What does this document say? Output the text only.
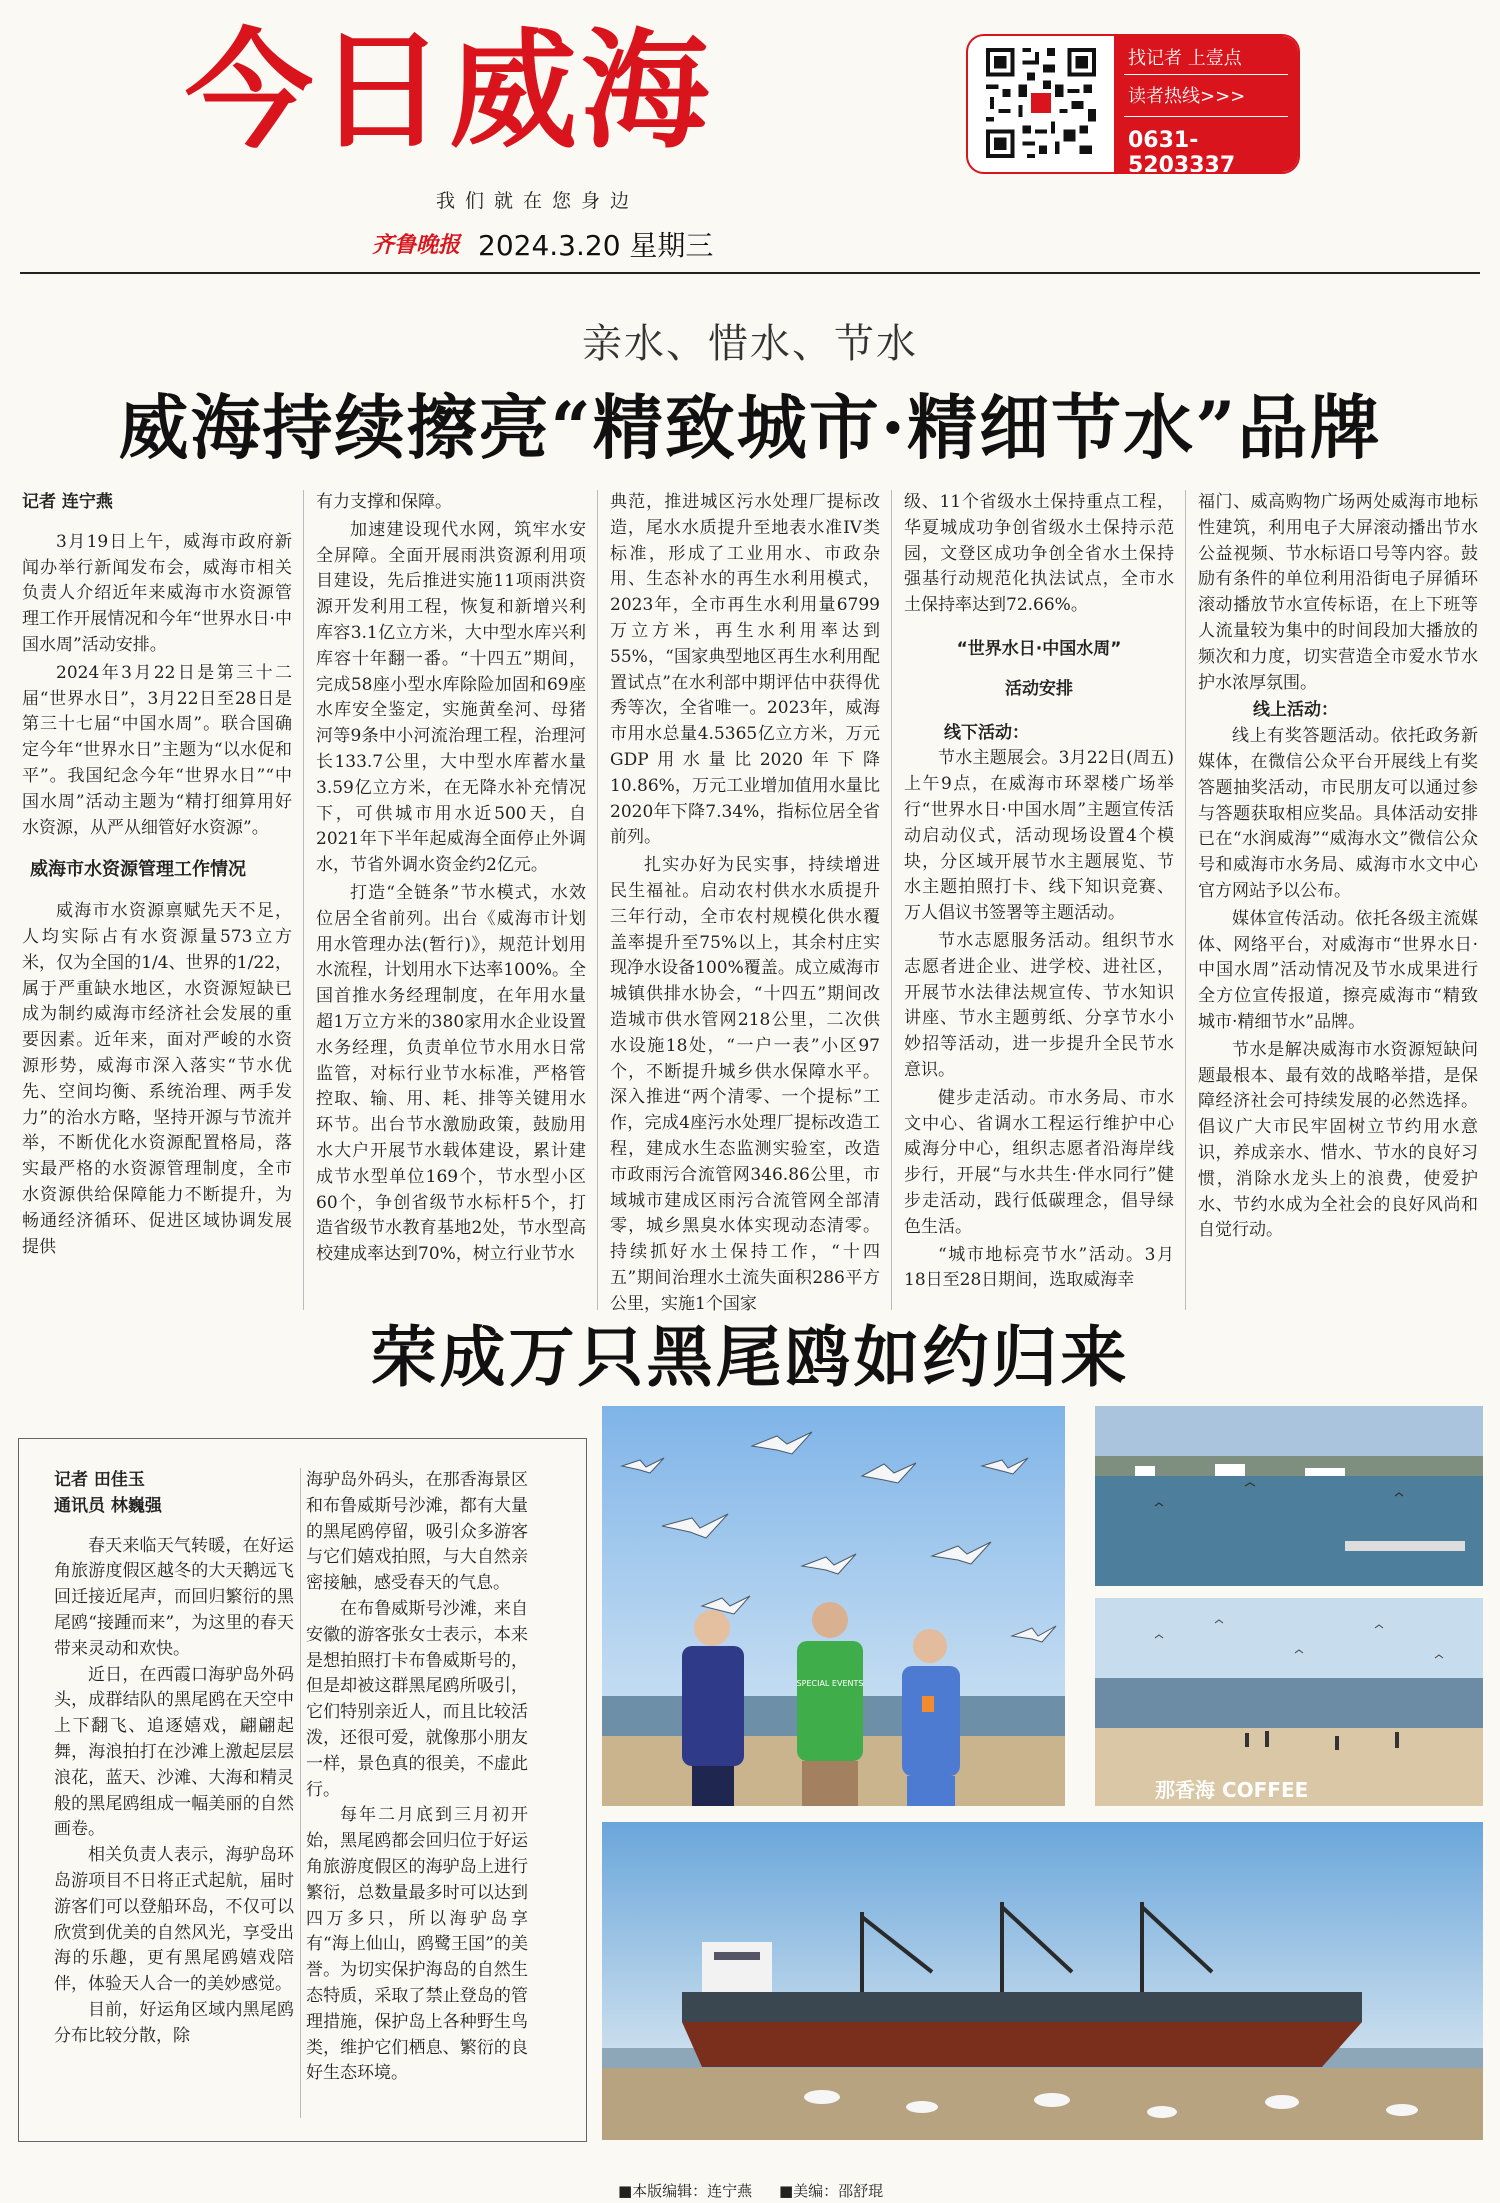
今日威海
我们就在您身边
找记者 上壹点
读者热线>>>
0631-5203337
齐鲁晚报 2024.3.20 星期三
亲水、惜水、节水
威海持续擦亮“精致城市·精细节水”品牌
记者 连宁燕

3月19日上午，威海市政府新闻办举行新闻发布会，威海市相关负责人介绍近年来威海市水资源管理工作开展情况和今年“世界水日·中国水周”活动安排。

2024年3月22日是第三十二届“世界水日”，3月22日至28日是第三十七届“中国水周”。联合国确定今年“世界水日”主题为“以水促和平”。我国纪念今年“世界水日”“中国水周”活动主题为“精打细算用好水资源，从严从细管好水资源”。

威海市水资源管理工作情况

威海市水资源禀赋先天不足，人均实际占有水资源量573立方米，仅为全国的1/4、世界的1/22，属于严重缺水地区，水资源短缺已成为制约威海市经济社会发展的重要因素。近年来，面对严峻的水资源形势，威海市深入落实“节水优先、空间均衡、系统治理、两手发力”的治水方略，坚持开源与节流并举，不断优化水资源配置格局，落实最严格的水资源管理制度，全市水资源供给保障能力不断提升，为畅通经济循环、促进区域协调发展提供

有力支撑和保障。

加速建设现代水网，筑牢水安全屏障。全面开展雨洪资源利用项目建设，先后推进实施11项雨洪资源开发利用工程，恢复和新增兴利库容3.1亿立方米，大中型水库兴利库容十年翻一番。“十四五”期间，完成58座小型水库除险加固和69座水库安全鉴定，实施黄垒河、母猪河等9条中小河流治理工程，治理河长133.7公里，大中型水库蓄水量3.59亿立方米，在无降水补充情况下，可供城市用水近500天，自2021年下半年起威海全面停止外调水，节省外调水资金约2亿元。

打造“全链条”节水模式，水效位居全省前列。出台《威海市计划用水管理办法(暂行)》，规范计划用水流程，计划用水下达率100%。全国首推水务经理制度，在年用水量超1万立方米的380家用水企业设置水务经理，负责单位节水用水日常监管，对标行业节水标准，严格管控取、输、用、耗、排等关键用水环节。出台节水激励政策，鼓励用水大户开展节水载体建设，累计建成节水型单位169个，节水型小区60个，争创省级节水标杆5个，打造省级节水教育基地2处，节水型高校建成率达到70%，树立行业节水

典范，推进城区污水处理厂提标改造，尾水水质提升至地表水准IV类标准，形成了工业用水、市政杂用、生态补水的再生水利用模式，2023年，全市再生水利用量6799万立方米，再生水利用率达到55%，“国家典型地区再生水利用配置试点”在水利部中期评估中获得优秀等次，全省唯一。2023年，威海市用水总量4.5365亿立方米，万元GDP用水量比2020年下降10.86%，万元工业增加值用水量比2020年下降7.34%，指标位居全省前列。

扎实办好为民实事，持续增进民生福祉。启动农村供水水质提升三年行动，全市农村规模化供水覆盖率提升至75%以上，其余村庄实现净水设备100%覆盖。成立威海市城镇供排水协会，“十四五”期间改造城市供水管网218公里，二次供水设施18处，“一户一表”小区97个，不断提升城乡供水保障水平。深入推进“两个清零、一个提标”工作，完成4座污水处理厂提标改造工程，建成水生态监测实验室，改造市政雨污合流管网346.86公里，市域城市建成区雨污合流管网全部清零，城乡黑臭水体实现动态清零。持续抓好水土保持工作，“十四五”期间治理水土流失面积286平方公里，实施1个国家

级、11个省级水土保持重点工程，华夏城成功争创省级水土保持示范园，文登区成功争创全省水土保持强基行动规范化执法试点，全市水土保持率达到72.66%。

“世界水日·中国水周”
活动安排
线下活动：

节水主题展会。3月22日(周五)上午9点，在威海市环翠楼广场举行“世界水日·中国水周”主题宣传活动启动仪式，活动现场设置4个模块，分区域开展节水主题展览、节水主题拍照打卡、线下知识竞赛、万人倡议书签署等主题活动。

节水志愿服务活动。组织节水志愿者进企业、进学校、进社区，开展节水法律法规宣传、节水知识讲座、节水主题剪纸、分享节水小妙招等活动，进一步提升全民节水意识。

健步走活动。市水务局、市水文中心、省调水工程运行维护中心威海分中心，组织志愿者沿海岸线步行，开展“与水共生·伴水同行”健步走活动，践行低碳理念，倡导绿色生活。

“城市地标亮节水”活动。3月18日至28日期间，选取威海幸

福门、威高购物广场两处威海市地标性建筑，利用电子大屏滚动播出节水公益视频、节水标语口号等内容。鼓励有条件的单位利用沿街电子屏循环滚动播放节水宣传标语，在上下班等人流量较为集中的时间段加大播放的频次和力度，切实营造全市爱水节水护水浓厚氛围。

线上活动：

线上有奖答题活动。依托政务新媒体，在微信公众平台开展线上有奖答题抽奖活动，市民朋友可以通过参与答题获取相应奖品。具体活动安排已在“水润威海”“威海水文”微信公众号和威海市水务局、威海市水文中心官方网站予以公布。

媒体宣传活动。依托各级主流媒体、网络平台，对威海市“世界水日·中国水周”活动情况及节水成果进行全方位宣传报道，擦亮威海市“精致城市·精细节水”品牌。

节水是解决威海市水资源短缺问题最根本、最有效的战略举措，是保障经济社会可持续发展的必然选择。倡议广大市民牢固树立节约用水意识，养成亲水、惜水、节水的良好习惯，消除水龙头上的浪费，使爱护水、节约水成为全社会的良好风尚和自觉行动。

荣成万只黑尾鸥如约归来
记者 田佳玉
通讯员 林巍强

春天来临天气转暖，在好运角旅游度假区越冬的大天鹅远飞回迁接近尾声，而回归繁衍的黑尾鸥“接踵而来”，为这里的春天带来灵动和欢快。

近日，在西霞口海驴岛外码头，成群结队的黑尾鸥在天空中上下翻飞、追逐嬉戏，翩翩起舞，海浪拍打在沙滩上激起层层浪花，蓝天、沙滩、大海和精灵般的黑尾鸥组成一幅美丽的自然画卷。

相关负责人表示，海驴岛环岛游项目不日将正式起航，届时游客们可以登船环岛，不仅可以欣赏到优美的自然风光，享受出海的乐趣，更有黑尾鸥嬉戏陪伴，体验天人合一的美妙感觉。

目前，好运角区域内黑尾鸥分布比较分散，除

海驴岛外码头，在那香海景区和布鲁威斯号沙滩，都有大量的黑尾鸥停留，吸引众多游客与它们嬉戏拍照，与大自然亲密接触，感受春天的气息。

在布鲁威斯号沙滩，来自安徽的游客张女士表示，本来是想拍照打卡布鲁威斯号的，但是却被这群黑尾鸥所吸引，它们特别亲近人，而且比较活泼，还很可爱，就像那小朋友一样，景色真的很美，不虚此行。

每年二月底到三月初开始，黑尾鸥都会回归位于好运角旅游度假区的海驴岛上进行繁衍，总数量最多时可以达到四万多只，所以海驴岛享有“海上仙山，鸥鹭王国”的美誉。为切实保护海岛的自然生态特质，采取了禁止登岛的管理措施，保护岛上各种野生鸟类，维护它们栖息、繁衍的良好生态环境。

SPECIAL EVENTS
那香海 COFFEE
■本版编辑：连宁燕 ■美编：邵舒琨
